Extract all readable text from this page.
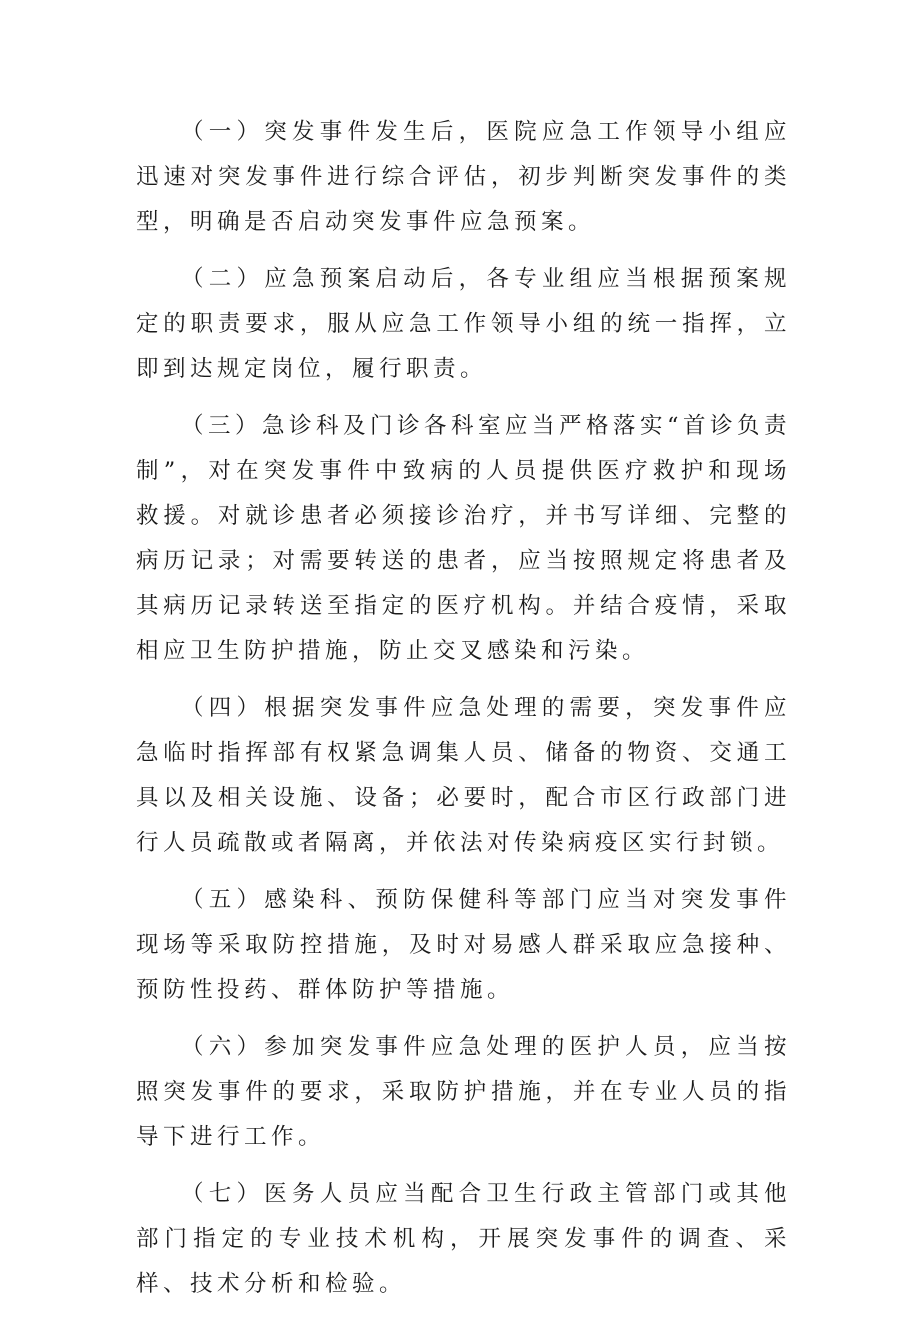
（一）突发事件发生后，医院应急工作领导小组应迅速对突发事件进行综合评估，初步判断突发事件的类型，明确是否启动突发事件应急预案。

（二）应急预案启动后，各专业组应当根据预案规定的职责要求，服从应急工作领导小组的统一指挥，立即到达规定岗位，履行职责。

（三）急诊科及门诊各科室应当严格落实“首诊负责制”，对在突发事件中致病的人员提供医疗救护和现场救援。对就诊患者必须接诊治疗，并书写详细、完整的病历记录；对需要转送的患者，应当按照规定将患者及其病历记录转送至指定的医疗机构。并结合疫情，采取相应卫生防护措施，防止交叉感染和污染。

（四）根据突发事件应急处理的需要，突发事件应急临时指挥部有权紧急调集人员、储备的物资、交通工具以及相关设施、设备；必要时，配合市区行政部门进行人员疏散或者隔离，并依法对传染病疫区实行封锁。

（五）感染科、预防保健科等部门应当对突发事件现场等采取防控措施，及时对易感人群采取应急接种、预防性投药、群体防护等措施。

（六）参加突发事件应急处理的医护人员，应当按照突发事件的要求，采取防护措施，并在专业人员的指导下进行工作。

（七）医务人员应当配合卫生行政主管部门或其他部门指定的专业技术机构，开展突发事件的调查、采样、技术分析和检验。
